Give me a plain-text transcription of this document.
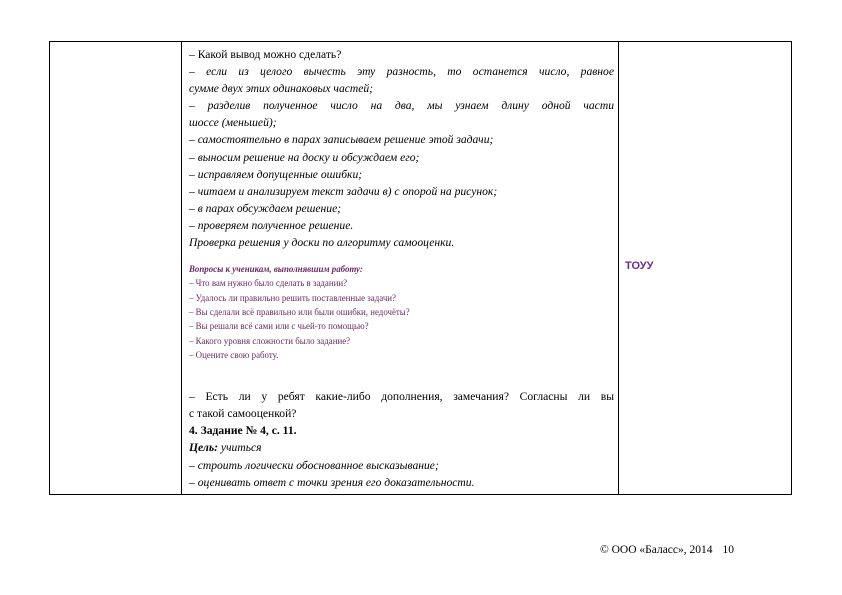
– Какой вывод можно сделать?
– если из целого вычесть эту разность, то останется число, равное
сумме двух этих одинаковых частей;
– разделив полученное число на два, мы узнаем длину одной части
шоссе (меньшей);
– самостоятельно в парах записываем решение этой задачи;
– выносим решение на доску и обсуждаем его;
– исправляем допущенные ошибки;
– читаем и анализируем текст задачи в) с опорой на рисунок;
– в парах обсуждаем решение;
– проверяем полученное решение.
Проверка решения у доски по алгоритму самооценки.
Вопросы к ученикам, выполнявшим работу:
– Что вам нужно было сделать в задании?
– Удалось ли правильно решить поставленные задачи?
– Вы сделали всё правильно или были ошибки, недочёты?
– Вы решали всё сами или с чьей-то помощью?
– Какого уровня сложности было задание?
– Оцените свою работу.
– Есть ли у ребят какие-либо дополнения, замечания? Согласны ли вы
с такой самооценкой?
4. Задание № 4, с. 11.
Цель: учиться
– строить логически обоснованное высказывание;
– оценивать ответ с точки зрения его доказательности.
ТОУУ
© ООО «Баласс», 2014 10
